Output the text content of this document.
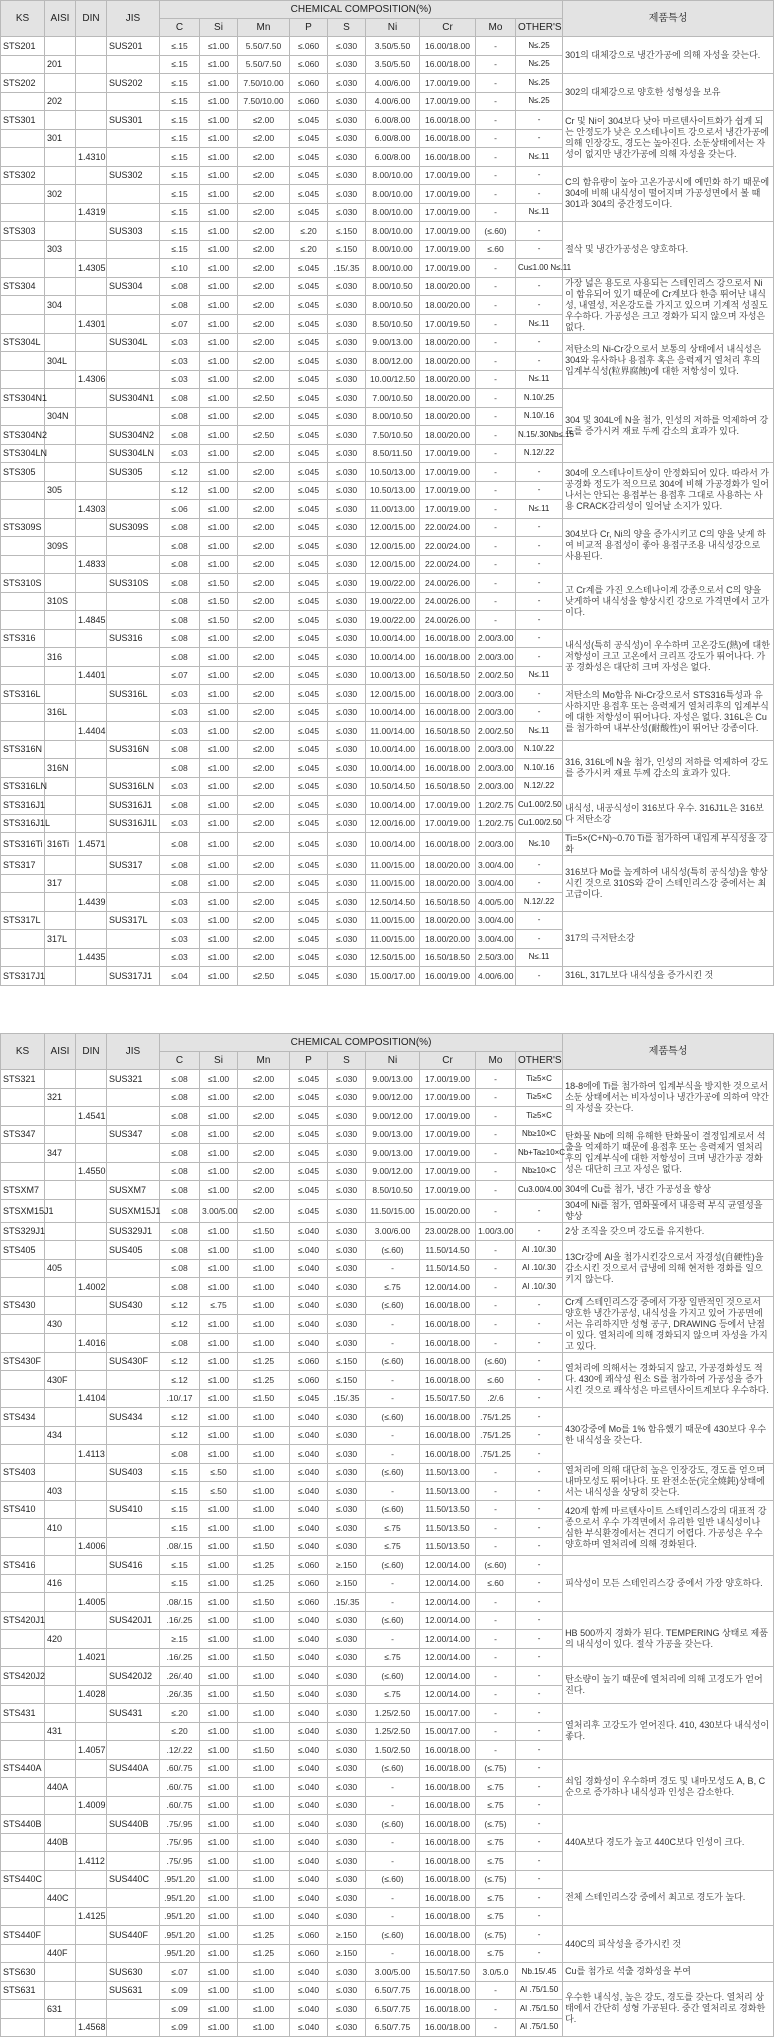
KS	AISI	DIN	JIS	CHEMICAL COMPOSITION(%)									제품특성
				C	Si	Mn	P	S	Ni	Cr	Mo	OTHER'S	
STS201			SUS201	≤.15	≤1.00	5.50/7.50	≤.060	≤.030	3.50/5.50	16.00/18.00	-	N≤.25	301의 대체강으로 냉간가공에 의해 자성을 갖는다.
	201			≤.15	≤1.00	5.50/7.50	≤.060	≤.030	3.50/5.50	16.00/18.00	-	N≤.25	
STS202			SUS202	≤.15	≤1.00	7.50/10.00	≤.060	≤.030	4.00/6.00	17.00/19.00	-	N≤.25	302의 대체강으로 양호한 성형성을 보유
	202			≤.15	≤1.00	7.50/10.00	≤.060	≤.030	4.00/6.00	17.00/19.00	-	N≤.25	
STS301			SUS301	≤.15	≤1.00	≤2.00	≤.045	≤.030	6.00/8.00	16.00/18.00	-	-	Cr 및 Ni이 304보다 낮아 마르텐사이트화가 쉽게 되는 안정도가 낮은 오스테나이트 강으로서 냉간가공에 의해 인장강도, 경도는 높아진다. 소둔상태에서는 자성이 없지만 냉간가공에 의해 자성을 갖는다.
	301			≤.15	≤1.00	≤2.00	≤.045	≤.030	6.00/8.00	16.00/18.00	-	-	
		1.4310		≤.15	≤1.00	≤2.00	≤.045	≤.030	6.00/8.00	16.00/18.00	-	N≤.11	
STS302			SUS302	≤.15	≤1.00	≤2.00	≤.045	≤.030	8.00/10.00	17.00/19.00	-	-	C의 함유량이 높아 고온가공시에 예민화 하기 때문에 304에 비해 내식성이 떨어지며 가공성면에서 볼 때 301과 304의 중간정도이다.
	302			≤.15	≤1.00	≤2.00	≤.045	≤.030	8.00/10.00	17.00/19.00	-	-	
		1.4319		≤.15	≤1.00	≤2.00	≤.045	≤.030	8.00/10.00	17.00/19.00	-	N≤.11	
STS303			SUS303	≤.15	≤1.00	≤2.00	≤.20	≤.150	8.00/10.00	17.00/19.00	(≤.60)	-	절삭 및 냉간가공성은 양호하다.
	303			≤.15	≤1.00	≤2.00	≤.20	≤.150	8.00/10.00	17.00/19.00	≤.60	-	
		1.4305		≤.10	≤1.00	≤2.00	≤.045	.15/.35	8.00/10.00	17.00/19.00	-	Cu≤1.00 N≤.11	
STS304			SUS304	≤.08	≤1.00	≤2.00	≤.045	≤.030	8.00/10.50	18.00/20.00	-	-	가장 넓은 용도로 사용되는 스테인리스 강으로서 Ni이 함유되어 있기 때문에 Cr계보다 한층 뛰어난 내식성, 내열성, 저온강도를 가지고 있으며 기계적 성질도 우수하다. 가공성은 크고 경화가 되지 않으며 자성은 없다.
	304			≤.08	≤1.00	≤2.00	≤.045	≤.030	8.00/10.50	18.00/20.00	-	-	
		1.4301		≤.07	≤1.00	≤2.00	≤.045	≤.030	8.50/10.50	17.00/19.50	-	N≤.11	
STS304L			SUS304L	≤.03	≤1.00	≤2.00	≤.045	≤.030	9.00/13.00	18.00/20.00	-	-	저탄소의 Ni-Cr강으로서 보통의 상태에서 내식성은 304와 유사하나 용접후 혹은 응력제거 열처리 후의 입계부식성(粒界腐蝕)에 대한 저항성이 있다.
	304L			≤.03	≤1.00	≤2.00	≤.045	≤.030	8.00/12.00	18.00/20.00	-	-	
		1.4306		≤.03	≤1.00	≤2.00	≤.045	≤.030	10.00/12.50	18.00/20.00	-	N≤.11	
STS304N1			SUS304N1	≤.08	≤1.00	≤2.50	≤.045	≤.030	7.00/10.50	18.00/20.00	-	N.10/.25	304 및 304L에 N을 첨가, 인성의 저하를 억제하여 강도를 증가시켜 재료 두께 감소의 효과가 있다.
	304N			≤.08	≤1.00	≤2.00	≤.045	≤.030	8.00/10.50	18.00/20.00	-	N.10/.16	
STS304N2			SUS304N2	≤.08	≤1.00	≤2.50	≤.045	≤.030	7.50/10.50	18.00/20.00	-	N.15/.30Nb≤.15	
STS304LN			SUS304LN	≤.03	≤1.00	≤2.00	≤.045	≤.030	8.50/11.50	17.00/19.00	-	N.12/.22	
STS305			SUS305	≤.12	≤1.00	≤2.00	≤.045	≤.030	10.50/13.00	17.00/19.00	-	-	304에 오스테나이트상이 안정화되어 있다. 따라서 가공경화 정도가 적으므로 304에 비해 가공경화가 일어나서는 안되는 용접부는 용접후 그대로 사용하는 사용 CRACK감리성이 일어날 소지가 있다.
	305			≤.12	≤1.00	≤2.00	≤.045	≤.030	10.50/13.00	17.00/19.00	-	-	
		1.4303		≤.06	≤1.00	≤2.00	≤.045	≤.030	11.00/13.00	17.00/19.00	-	N≤.11	
STS309S			SUS309S	≤.08	≤1.00	≤2.00	≤.045	≤.030	12.00/15.00	22.00/24.00	-	-	304보다 Cr, Ni의 양을 증가시키고 C의 양을 낮게 하여 비교적 용접성이 좋아 용접구조용 내식성강으로 사용된다.
	309S			≤.08	≤1.00	≤2.00	≤.045	≤.030	12.00/15.00	22.00/24.00	-	-	
		1.4833		≤.08	≤1.00	≤2.00	≤.045	≤.030	12.00/15.00	22.00/24.00	-	-	
STS310S			SUS310S	≤.08	≤1.50	≤2.00	≤.045	≤.030	19.00/22.00	24.00/26.00	-	-	고 Cr계를 가진 오스테나이계 강종으로서 C의 양을 낮게하여 내식성을 향상시킨 강으로 가격면에서 고가이다.
	310S			≤.08	≤1.50	≤2.00	≤.045	≤.030	19.00/22.00	24.00/26.00	-	-	
		1.4845		≤.08	≤1.50	≤2.00	≤.045	≤.030	19.00/22.00	24.00/26.00	-	-	
STS316			SUS316	≤.08	≤1.00	≤2.00	≤.045	≤.030	10.00/14.00	16.00/18.00	2.00/3.00	-	내식성(특히 공식성)이 우수하며 고온강도(熱)에 대한 저항성이 크고 고온에서 크리프 강도가 뛰어나다. 가공 경화성은 대단히 크며 자성은 없다.
	316			≤.08	≤1.00	≤2.00	≤.045	≤.030	10.00/14.00	16.00/18.00	2.00/3.00	-	
		1.4401		≤.07	≤1.00	≤2.00	≤.045	≤.030	10.00/13.00	16.50/18.50	2.00/2.50	N≤.11	
STS316L			SUS316L	≤.03	≤1.00	≤2.00	≤.045	≤.030	12.00/15.00	16.00/18.00	2.00/3.00	-	저탄소의 Mo함유 Ni-Cr강으로서 STS316특성과 유사하지만 용접후 또는 응력제거 열처리후의 입계부식에 대한 저항성이 뛰어나다. 자성은 없다. 316L은 Cu를 첨가하여 내부산성(耐酸性)이 뛰어난 강종이다.
	316L			≤.03	≤1.00	≤2.00	≤.045	≤.030	10.00/14.00	16.00/18.00	2.00/3.00	-	
		1.4404		≤.03	≤1.00	≤2.00	≤.045	≤.030	11.00/14.00	16.50/18.50	2.00/2.50	N≤.11	
STS316N			SUS316N	≤.08	≤1.00	≤2.00	≤.045	≤.030	10.00/14.00	16.00/18.00	2.00/3.00	N.10/.22	316, 316L에 N을 첨가, 인성의 저하를 억제하여 강도를 증가시켜 재료 두께 감소의 효과가 있다.
	316N			≤.08	≤1.00	≤2.00	≤.045	≤.030	10.00/14.00	16.00/18.00	2.00/3.00	N.10/.16	
STS316LN			SUS316LN	≤.03	≤1.00	≤2.00	≤.045	≤.030	10.50/14.50	16.50/18.50	2.00/3.00	N.12/.22	
STS316J1			SUS316J1	≤.08	≤1.00	≤2.00	≤.045	≤.030	10.00/14.00	17.00/19.00	1.20/2.75	Cu1.00/2.50	내식성, 내공식성이 316보다 우수. 316J1L은 316보다 저탄소강
STS316J1L			SUS316J1L	≤.03	≤1.00	≤2.00	≤.045	≤.030	12.00/16.00	17.00/19.00	1.20/2.75	Cu1.00/2.50	
STS316Ti	316Ti	1.4571		≤.08	≤1.00	≤2.00	≤.045	≤.030	10.00/14.00	16.00/18.00	2.00/3.00	N≤.10	Ti=5×(C+N)~0.70 Ti를 첨가하여 내입계 부식성을 강화
STS317			SUS317	≤.08	≤1.00	≤2.00	≤.045	≤.030	11.00/15.00	18.00/20.00	3.00/4.00	-	316보다 Mo를 높게하여 내식성(특히 공식성)을 향상시킨 것으로 310S와 같이 스테인리스강 중에서는 최고급이다.
	317			≤.08	≤1.00	≤2.00	≤.045	≤.030	11.00/15.00	18.00/20.00	3.00/4.00	-	
		1.4439		≤.03	≤1.00	≤2.00	≤.045	≤.030	12.50/14.50	16.50/18.50	4.00/5.00	N.12/.22	
STS317L			SUS317L	≤.03	≤1.00	≤2.00	≤.045	≤.030	11.00/15.00	18.00/20.00	3.00/4.00	-	317의 극저탄소강
	317L			≤.03	≤1.00	≤2.00	≤.045	≤.030	11.00/15.00	18.00/20.00	3.00/4.00	-	
		1.4435		≤.03	≤1.00	≤2.00	≤.045	≤.030	12.50/15.00	16.50/18.50	2.50/3.00	N≤.11	
STS317J1			SUS317J1	≤.04	≤1.00	≤2.50	≤.045	≤.030	15.00/17.00	16.00/19.00	4.00/6.00	-	316L, 317L보다 내식성을 증가시킨 것
KS	AISI	DIN	JIS	CHEMICAL COMPOSITION(%)									제품특성
				C	Si	Mn	P	S	Ni	Cr	Mo	OTHER'S	
STS321			SUS321	≤.08	≤1.00	≤2.00	≤.045	≤.030	9.00/13.00	17.00/19.00	-	Ti≥5×C	18-8에에 Ti를 첨가하여 입계부식을 방지한 것으로서 소둔 상태에서는 비자성이나 냉간가공에 의하여 약간의 자성을 갖는다.
	321			≤.08	≤1.00	≤2.00	≤.045	≤.030	9.00/12.00	17.00/19.00	-	Ti≥5×C	
		1.4541		≤.08	≤1.00	≤2.00	≤.045	≤.030	9.00/12.00	17.00/19.00	-	Ti≥5×C	
STS347			SUS347	≤.08	≤1.00	≤2.00	≤.045	≤.030	9.00/13.00	17.00/19.00	-	Nb≥10×C	탄화물 Nb에 의해 유해한 탄화물이 결정입계로서 석출을 억제하기 때문에 용접후 또는 응력제거 열처리 후의 입계부식에 대한 저항성이 크며 냉간가공 경화성은 대단히 크고 자성은 없다.
	347			≤.08	≤1.00	≤2.00	≤.045	≤.030	9.00/13.00	17.00/19.00	-	Nb+Ta≥10×C	
		1.4550		≤.08	≤1.00	≤2.00	≤.045	≤.030	9.00/12.00	17.00/19.00	-	Nb≥10×C	
STSXM7			SUSXM7	≤.08	≤1.00	≤2.00	≤.045	≤.030	8.50/10.50	17.00/19.00	-	Cu3.00/4.00	304에 Cu를 첨가, 냉간 가공성을 향상
STSXM15J1			SUSXM15J1	≤.08	3.00/5.00	≤2.00	≤.045	≤.030	11.50/15.00	15.00/20.00	-	-	304에 Ni를 첨가, 염화물에서 내응력 부식 균열성을 향상
STS329J1			SUS329J1	≤.08	≤1.00	≤1.50	≤.040	≤.030	3.00/6.00	23.00/28.00	1.00/3.00	-	2상 조직을 갖으며 강도를 유지한다.
STS405			SUS405	≤.08	≤1.00	≤1.00	≤.040	≤.030	(≤.60)	11.50/14.50	-	Al .10/.30	13Cr강에 Al을 첨가시킨강으로서 자경성(自硬性)을 감소시킨 것으로서 급냉에 의해 현저한 경화를 일으키지 않는다.
	405			≤.08	≤1.00	≤1.00	≤.040	≤.030	-	11.50/14.50	-	Al .10/.30	
		1.4002		≤.08	≤1.00	≤1.00	≤.040	≤.030	≤.75	12.00/14.00	-	Al .10/.30	
STS430			SUS430	≤.12	≤.75	≤1.00	≤.040	≤.030	(≤.60)	16.00/18.00	-	-	Cr계 스테인리스강 중에서 가장 일반적인 것으로서 양호한 냉간가공성, 내식성을 가지고 있어 가공면에서는 유리하지만 성형 공구, DRAWING 등에서 난점이 있다. 열처리에 의해 경화되지 않으며 자성을 가지고 있다.
	430			≤.12	≤1.00	≤1.00	≤.040	≤.030	-	16.00/18.00	-	-	
		1.4016		≤.08	≤1.00	≤1.00	≤.040	≤.030	-	16.00/18.00	-	-	
STS430F			SUS430F	≤.12	≤1.00	≤1.25	≤.060	≤.150	(≤.60)	16.00/18.00	(≤.60)	-	열처리에 의해서는 경화되지 않고, 가공경화성도 적다. 430에 쾌삭성 원소 S를 첨가하여 가공성을 증가시킨 것으로 쾌삭성은 마르텐사이트계보다 우수하다.
	430F			≤.12	≤1.00	≤1.25	≤.060	≤.150	-	16.00/18.00	≤.60	-	
		1.4104		.10/.17	≤1.00	≤1.50	≤.045	.15/.35	-	15.50/17.50	.2/.6	-	
STS434			SUS434	≤.12	≤1.00	≤1.00	≤.040	≤.030	(≤.60)	16.00/18.00	.75/1.25	-	430강중에 Mo를 1% 함유했기 때문에 430보다 우수한 내식성을 갖는다.
	434			≤.12	≤1.00	≤1.00	≤.040	≤.030	-	16.00/18.00	.75/1.25	-	
		1.4113		≤.08	≤1.00	≤1.00	≤.040	≤.030	-	16.00/18.00	.75/1.25	-	
STS403			SUS403	≤.15	≤.50	≤1.00	≤.040	≤.030	(≤.60)	11.50/13.00	-	-	열처리에 의해 대단히 높은 인장강도, 경도를 얻으며 내마모성도 뛰어나다. 또 완전소둔(完全燒鈍)상태에서는 내식성을 상당히 갖는다.
	403			≤.15	≤.50	≤1.00	≤.040	≤.030	-	11.50/13.00	-	-	
STS410			SUS410	≤.15	≤1.00	≤1.00	≤.040	≤.030	(≤.60)	11.50/13.50	-	-	420계 함께 마르텐사이트 스테인리스강의 대표적 강종으로서 우수 가격면에서 유리한 일반 내식성이나 심한 부식환경에서는 견디기 어렵다. 가공성은 우수 양호하며 열처리에 의해 경화된다.
	410			≤.15	≤1.00	≤1.00	≤.040	≤.030	≤.75	11.50/13.50	-	-	
		1.4006		.08/.15	≤1.00	≤1.50	≤.040	≤.030	≤.75	11.50/13.50	-	-	
STS416			SUS416	≤.15	≤1.00	≤1.25	≤.060	≥.150	(≤.60)	12.00/14.00	(≤.60)	-	피삭성이 모든 스테인리스강 중에서 가장 양호하다.
	416			≤.15	≤1.00	≤1.25	≤.060	≥.150	-	12.00/14.00	≤.60	-	
		1.4005		.08/.15	≤1.00	≤1.50	≤.060	.15/.35	-	12.00/14.00	-	-	
STS420J1			SUS420J1	.16/.25	≤1.00	≤1.00	≤.040	≤.030	(≤.60)	12.00/14.00	-	-	HB 500까지 경화가 된다. TEMPERING 상태로 제품의 내식성이 있다. 절삭 가공을 갖는다.
	420			≥.15	≤1.00	≤1.00	≤.040	≤.030	-	12.00/14.00	-	-	
		1.4021		.16/.25	≤1.00	≤1.50	≤.040	≤.030	≤.75	12.00/14.00	-	-	
STS420J2			SUS420J2	.26/.40	≤1.00	≤1.00	≤.040	≤.030	(≤.60)	12.00/14.00	-	-	탄소량이 높기 때문에 열처리에 의해 고경도가 얻어진다.
		1.4028		.26/.35	≤1.00	≤1.50	≤.040	≤.030	≤.75	12.00/14.00	-	-	
STS431			SUS431	≤.20	≤1.00	≤1.00	≤.040	≤.030	1.25/2.50	15.00/17.00	-	-	열처리후 고강도가 얻어진다. 410, 430보다 내식성이 좋다.
	431			≤.20	≤1.00	≤1.00	≤.040	≤.030	1.25/2.50	15.00/17.00	-	-	
		1.4057		.12/.22	≤1.00	≤1.50	≤.040	≤.030	1.50/2.50	16.00/18.00	-	-	
STS440A			SUS440A	.60/.75	≤1.00	≤1.00	≤.040	≤.030	(≤.60)	16.00/18.00	(≤.75)	-	쇠입 경화성이 우수하며 경도 및 내마모성도 A, B, C순으로 증가하나 내식성과 인성은 감소한다.
	440A			.60/.75	≤1.00	≤1.00	≤.040	≤.030	-	16.00/18.00	≤.75	-	
		1.4009		.60/.75	≤1.00	≤1.00	≤.040	≤.030	-	16.00/18.00	≤.75	-	
STS440B			SUS440B	.75/.95	≤1.00	≤1.00	≤.040	≤.030	(≤.60)	16.00/18.00	(≤.75)	-	440A보다 경도가 높고 440C보다 인성이 크다.
	440B			.75/.95	≤1.00	≤1.00	≤.040	≤.030	-	16.00/18.00	≤.75	-	
		1.4112		.75/.95	≤1.00	≤1.00	≤.040	≤.030	-	16.00/18.00	≤.75	-	
STS440C			SUS440C	.95/1.20	≤1.00	≤1.00	≤.040	≤.030	(≤.60)	16.00/18.00	(≤.75)	-	전체 스테인리스강 중에서 최고로 경도가 높다.
	440C			.95/1.20	≤1.00	≤1.00	≤.040	≤.030	-	16.00/18.00	≤.75	-	
		1.4125		.95/1.20	≤1.00	≤1.00	≤.040	≤.030	-	16.00/18.00	≤.75	-	
STS440F			SUS440F	.95/1.20	≤1.00	≤1.25	≤.060	≥.150	(≤.60)	16.00/18.00	(≤.75)	-	440C의 피삭성을 증가시킨 것
	440F			.95/1.20	≤1.00	≤1.25	≤.060	≥.150	-	16.00/18.00	≤.75	-	
STS630			SUS630	≤.07	≤1.00	≤1.00	≤.040	≤.030	3.00/5.00	15.50/17.50	3.0/5.0	Nb.15/.45	Cu를 첨가로 석출 경화성을 부여
STS631			SUS631	≤.09	≤1.00	≤1.00	≤.040	≤.030	6.50/7.75	16.00/18.00	-	Al .75/1.50	우수한 내식성, 높은 강도, 경도를 갖는다. 열처리 상태에서 간단히 성형 가공된다. 중간 열처리로 경화한다.
	631			≤.09	≤1.00	≤1.00	≤.040	≤.030	6.50/7.75	16.00/18.00	-	Al .75/1.50	
		1.4568		≤.09	≤1.00	≤1.00	≤.040	≤.030	6.50/7.75	16.00/18.00	-	Al .75/1.50	
